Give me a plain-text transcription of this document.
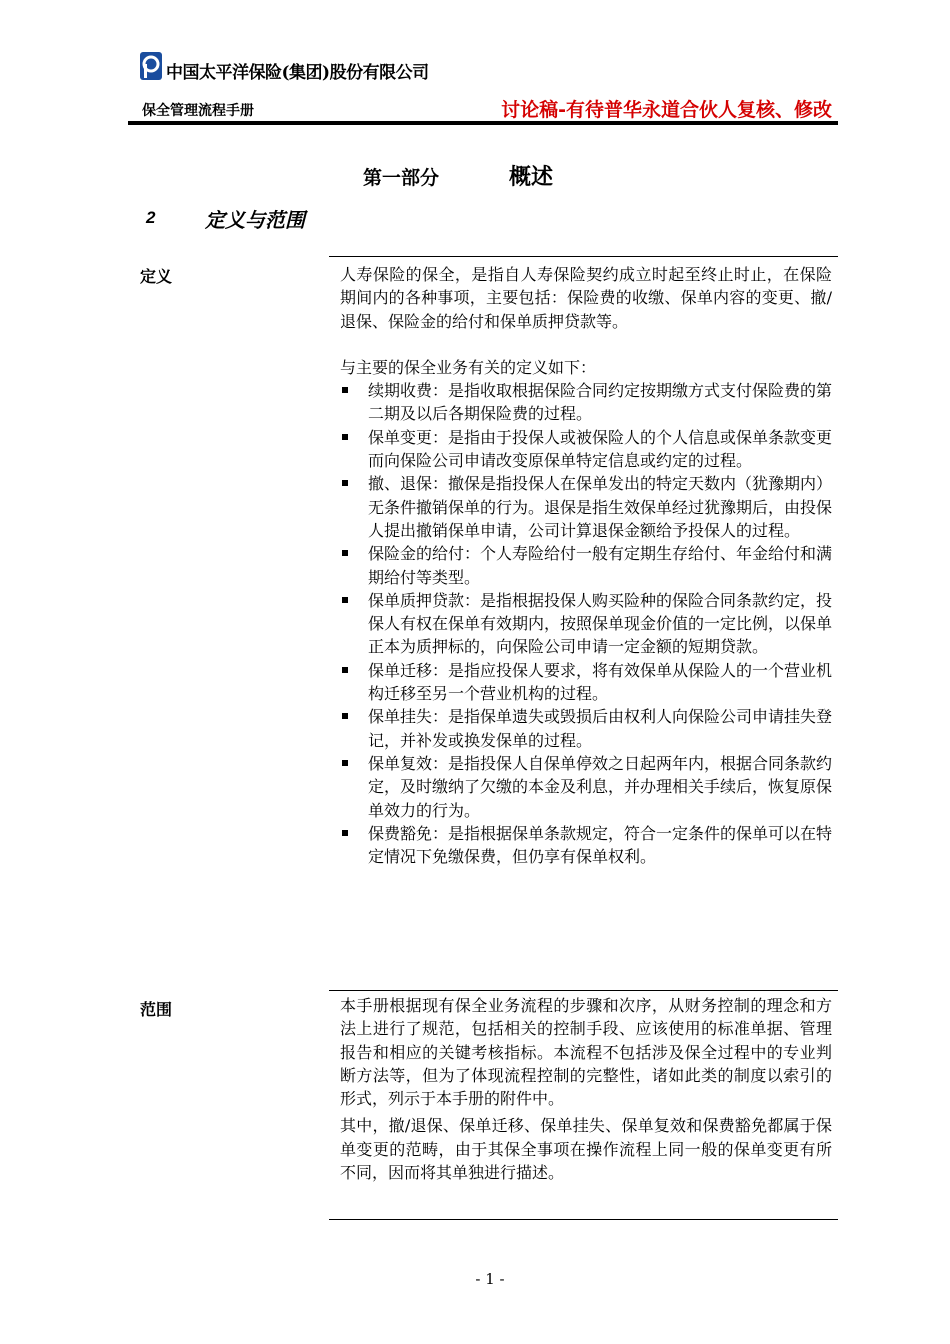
中国太平洋保险(集团)股份有限公司
保全管理流程手册	讨论稿-有待普华永道合伙人复核、修改
第一部分	概述
2 定义与范围
定义	人寿保险的保全，是指自人寿保险契约成立时起至终止时止，在保险期间内的各种事项，主要包括：保险费的收缴、保单内容的变更、撤/退保、保险金的给付和保单质押贷款等。

与主要的保全业务有关的定义如下：

续期收费：是指收取根据保险合同约定按期缴方式支付保险费的第二期及以后各期保险费的过程。
保单变更：是指由于投保人或被保险人的个人信息或保单条款变更而向保险公司申请改变原保单特定信息或约定的过程。
撤、退保：撤保是指投保人在保单发出的特定天数内（犹豫期内）无条件撤销保单的行为。退保是指生效保单经过犹豫期后，由投保人提出撤销保单申请，公司计算退保金额给予投保人的过程。
保险金的给付：个人寿险给付一般有定期生存给付、年金给付和满期给付等类型。
保单质押贷款：是指根据投保人购买险种的保险合同条款约定，投保人有权在保单有效期内，按照保单现金价值的一定比例，以保单正本为质押标的，向保险公司申请一定金额的短期贷款。
保单迁移：是指应投保人要求，将有效保单从保险人的一个营业机构迁移至另一个营业机构的过程。
保单挂失：是指保单遗失或毁损后由权利人向保险公司申请挂失登记，并补发或换发保单的过程。
保单复效：是指投保人自保单停效之日起两年内，根据合同条款约定，及时缴纳了欠缴的本金及利息，并办理相关手续后，恢复原保单效力的行为。
保费豁免：是指根据保单条款规定，符合一定条件的保单可以在特定情况下免缴保费，但仍享有保单权利。
范围	本手册根据现有保全业务流程的步骤和次序，从财务控制的理念和方法上进行了规范，包括相关的控制手段、应该使用的标准单据、管理报告和相应的关键考核指标。本流程不包括涉及保全过程中的专业判断方法等，但为了体现流程控制的完整性，诸如此类的制度以索引的形式，列示于本手册的附件中。

其中，撤/退保、保单迁移、保单挂失、保单复效和保费豁免都属于保单变更的范畴，由于其保全事项在操作流程上同一般的保单变更有所不同，因而将其单独进行描述。

- 1 -
